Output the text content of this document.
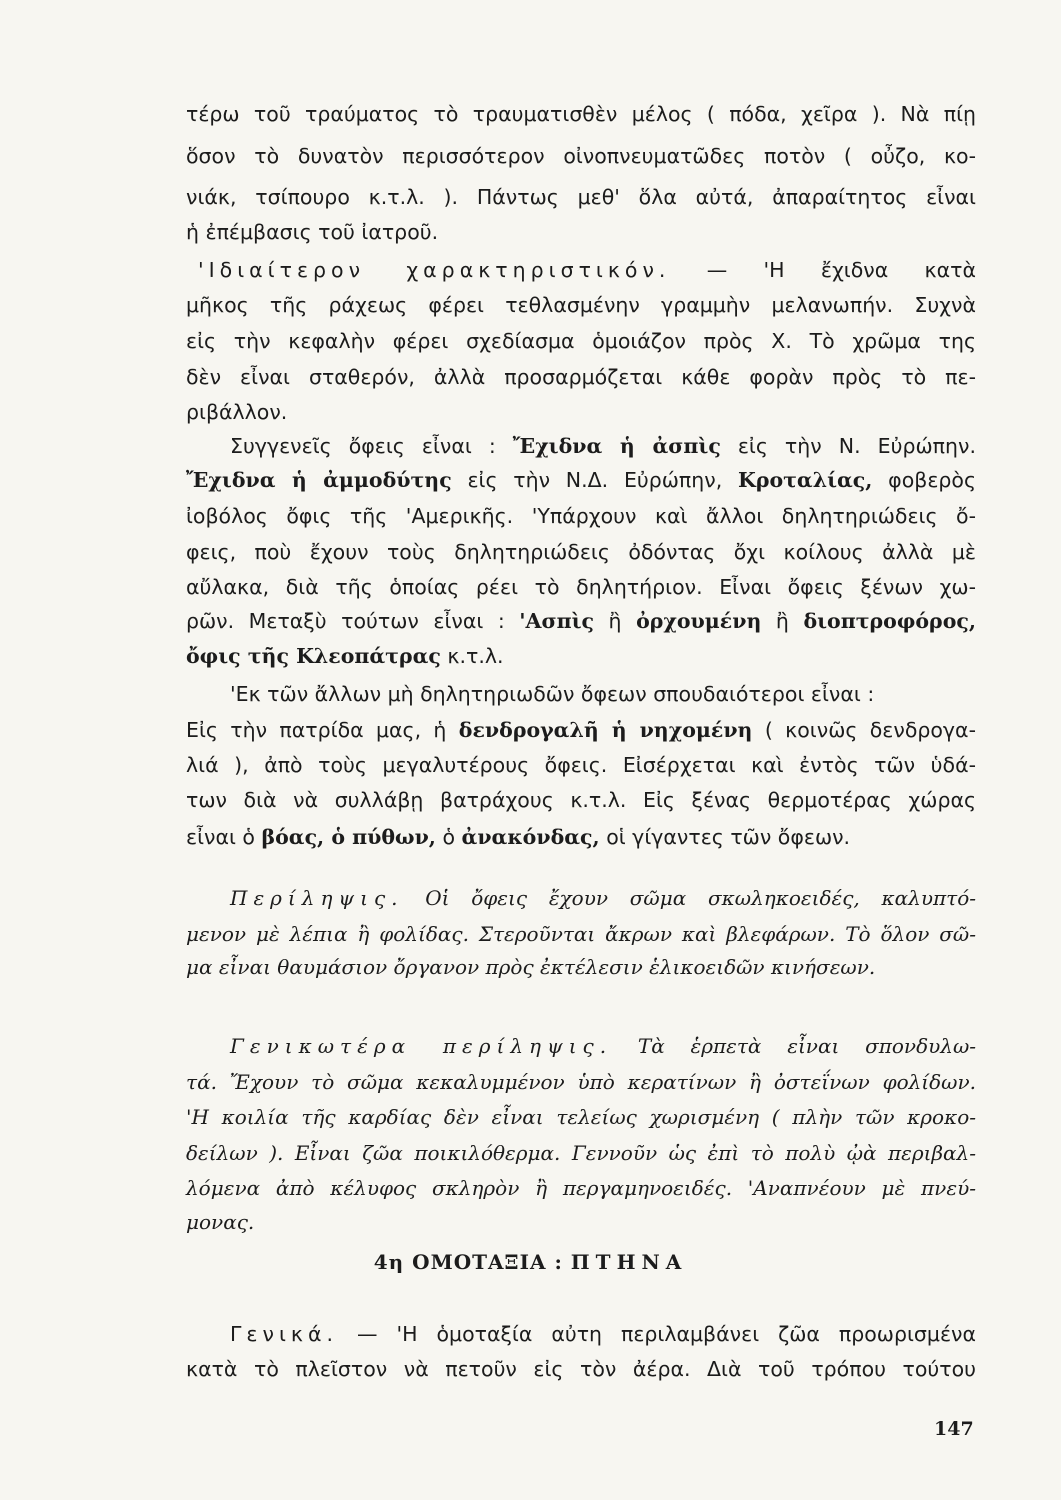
τέρω τοῦ τραύματος τὸ τραυματισθὲν μέλος ( πόδα, χεῖρα ). Νὰ πίῃ
ὅσον τὸ δυνατὸν περισσότερον οἰνοπνευματῶδες ποτὸν ( οὖζο, κο-
νιάκ, τσίπουρο κ.τ.λ. ). Πάντως μεθ' ὅλα αὐτά, ἀπαραίτητος εἶναι
ἡ ἐπέμβασις τοῦ ἰατροῦ.
'Ιδιαίτερον χαρακτηριστικόν. — 'Η ἔχιδνα κατὰ
μῆκος τῆς ράχεως φέρει τεθλασμένην γραμμὴν μελανωπήν. Συχνὰ
εἰς τὴν κεφαλὴν φέρει σχεδίασμα ὁμοιάζον πρὸς Χ. Τὸ χρῶμα της
δὲν εἶναι σταθερόν, ἀλλὰ προσαρμόζεται κάθε φορὰν πρὸς τὸ πε-
ριβάλλον.
Συγγενεῖς ὄφεις εἶναι : Ἔχιδνα ἡ ἀσπὶς εἰς τὴν Ν. Εὐρώπην.
Ἔχιδνα ἡ ἀμμοδύτης εἰς τὴν Ν.Δ. Εὐρώπην, Κροταλίας, φοβερὸς
ἰοβόλος ὄφις τῆς 'Αμερικῆς. 'Υπάρχουν καὶ ἄλλοι δηλητηριώδεις ὄ-
φεις, ποὺ ἔχουν τοὺς δηλητηριώδεις ὀδόντας ὄχι κοίλους ἀλλὰ μὲ
αὔλακα, διὰ τῆς ὁποίας ρέει τὸ δηλητήριον. Εἶναι ὄφεις ξένων χω-
ρῶν. Μεταξὺ τούτων εἶναι : 'Ασπὶς ἢ ὀρχουμένη ἢ διοπτροφόρος,
ὄφις τῆς Κλεοπάτρας κ.τ.λ.
'Εκ τῶν ἄλλων μὴ δηλητηριωδῶν ὄφεων σπουδαιότεροι εἶναι :
Εἰς τὴν πατρίδα μας, ἡ δενδρογαλῆ ἡ νηχομένη ( κοινῶς δενδρογα-
λιά ), ἀπὸ τοὺς μεγαλυτέρους ὄφεις. Εἰσέρχεται καὶ ἐντὸς τῶν ὑδά-
των διὰ νὰ συλλάβῃ βατράχους κ.τ.λ. Εἰς ξένας θερμοτέρας χώρας
εἶναι ὁ βόας, ὁ πύθων, ὁ ἀνακόνδας, οἱ γίγαντες τῶν ὄφεων.
Περίληψις. Οἱ ὄφεις ἔχουν σῶμα σκωληκοειδές, καλυπτό-
μενον μὲ λέπια ἢ φολίδας. Στεροῦνται ἄκρων καὶ βλεφάρων. Τὸ ὅλον σῶ-
μα εἶναι θαυμάσιον ὄργανον πρὸς ἐκτέλεσιν ἑλικοειδῶν κινήσεων.
Γενικωτέρα περίληψις. Τὰ ἑρπετὰ εἶναι σπονδυλω-
τά. Ἔχουν τὸ σῶμα κεκαλυμμένον ὑπὸ κερατίνων ἢ ὀστεΐνων φολίδων.
'Η κοιλία τῆς καρδίας δὲν εἶναι τελείως χωρισμένη ( πλὴν τῶν κροκο-
δείλων ). Εἶναι ζῶα ποικιλόθερμα. Γεννοῦν ὡς ἐπὶ τὸ πολὺ ᾠὰ περιβαλ-
λόμενα ἀπὸ κέλυφος σκληρὸν ἢ περγαμηνοειδές. 'Αναπνέουν μὲ πνεύ-
μονας.
4η ΟΜΟΤΑΞΙΑ : ΠΤΗΝΑ
Γενικά. — 'Η ὁμοταξία αὐτη περιλαμβάνει ζῶα προωρισμένα
κατὰ τὸ πλεῖστον νὰ πετοῦν εἰς τὸν ἀέρα. Διὰ τοῦ τρόπου τούτου
147
